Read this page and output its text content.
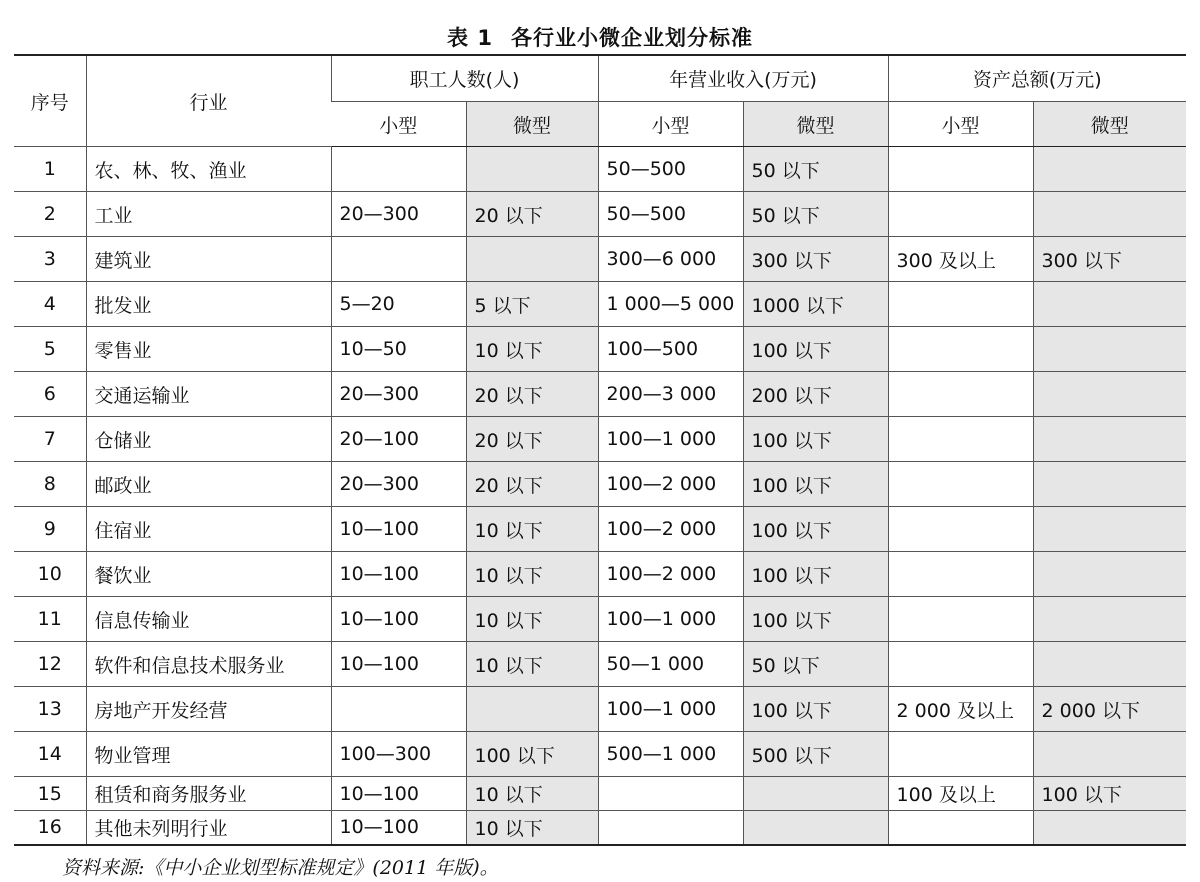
表 1 各行业小微企业划分标准
序号	行业	职工人数(人)		年营业收入(万元)		资产总额(万元)	
		小型	微型	小型	微型	小型	微型
1	农、林、牧、渔业			50—500	50 以下		
2	工业	20—300	20 以下	50—500	50 以下		
3	建筑业			300—6 000	300 以下	300 及以上	300 以下
4	批发业	5—20	5 以下	1 000—5 000	1000 以下		
5	零售业	10—50	10 以下	100—500	100 以下		
6	交通运输业	20—300	20 以下	200—3 000	200 以下		
7	仓储业	20—100	20 以下	100—1 000	100 以下		
8	邮政业	20—300	20 以下	100—2 000	100 以下		
9	住宿业	10—100	10 以下	100—2 000	100 以下		
10	餐饮业	10—100	10 以下	100—2 000	100 以下		
11	信息传输业	10—100	10 以下	100—1 000	100 以下		
12	软件和信息技术服务业	10—100	10 以下	50—1 000	50 以下		
13	房地产开发经营			100—1 000	100 以下	2 000 及以上	2 000 以下
14	物业管理	100—300	100 以下	500—1 000	500 以下		
15	租赁和商务服务业	10—100	10 以下			100 及以上	100 以下
16	其他未列明行业	10—100	10 以下				
资料来源:《中小企业划型标准规定》(2011 年版)。
